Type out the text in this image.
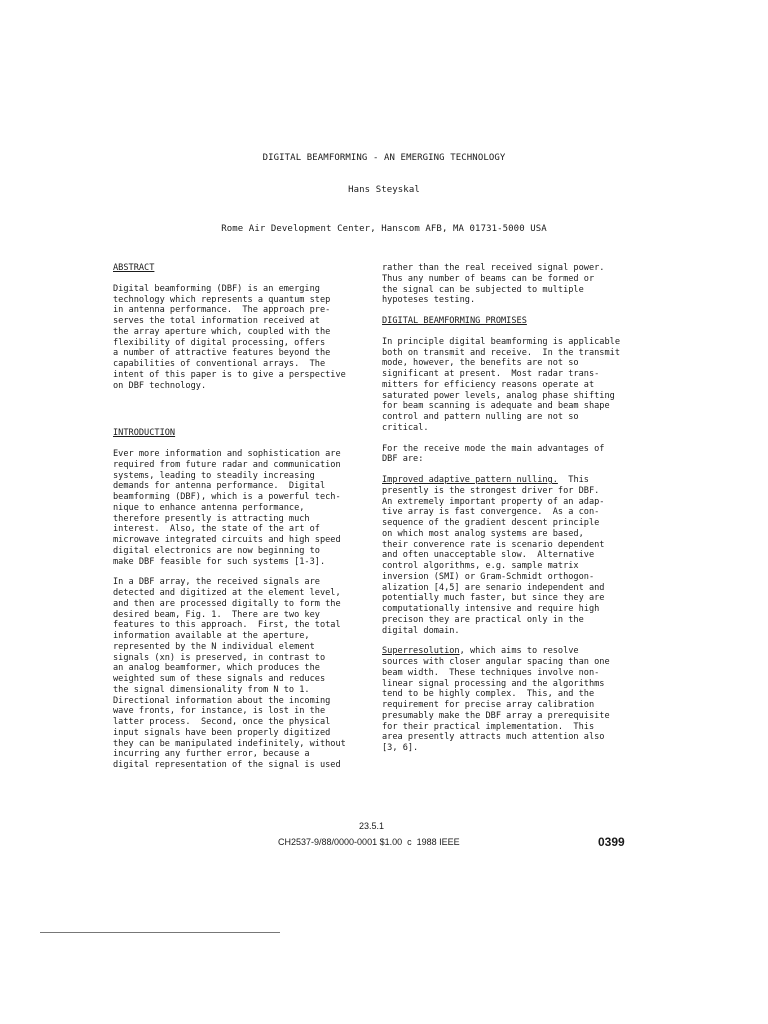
DIGITAL BEAMFORMING - AN EMERGING TECHNOLOGY
Hans Steyskal
Rome Air Development Center, Hanscom AFB, MA 01731-5000 USA
ABSTRACT
Digital beamforming (DBF) is an emerging
technology which represents a quantum step
in antenna performance.  The approach pre-
serves the total information received at
the array aperture which, coupled with the
flexibility of digital processing, offers
a number of attractive features beyond the
capabilities of conventional arrays.  The
intent of this paper is to give a perspective
on DBF technology.
INTRODUCTION
Ever more information and sophistication are
required from future radar and communication
systems, leading to steadily increasing
demands for antenna performance.  Digital
beamforming (DBF), which is a powerful tech-
nique to enhance antenna performance,
therefore presently is attracting much
interest.  Also, the state of the art of
microwave integrated circuits and high speed
digital electronics are now beginning to
make DBF feasible for such systems [1-3].
In a DBF array, the received signals are
detected and digitized at the element level,
and then are processed digitally to form the
desired beam, Fig. 1.  There are two key
features to this approach.  First, the total
information available at the aperture,
represented by the N individual element
signals (xn) is preserved, in contrast to
an analog beamformer, which produces the
weighted sum of these signals and reduces
the signal dimensionality from N to 1.
Directional information about the incoming
wave fronts, for instance, is lost in the
latter process.  Second, once the physical
input signals have been properly digitized
they can be manipulated indefinitely, without
incurring any further error, because a
digital representation of the signal is used
rather than the real received signal power.
Thus any number of beams can be formed or
the signal can be subjected to multiple
hypoteses testing.
DIGITAL BEAMFORMING PROMISES
In principle digital beamforming is applicable
both on transmit and receive.  In the transmit
mode, however, the benefits are not so
significant at present.  Most radar trans-
mitters for efficiency reasons operate at
saturated power levels, analog phase shifting
for beam scanning is adequate and beam shape
control and pattern nulling are not so
critical.
For the receive mode the main advantages of
DBF are:
Improved adaptive pattern nulling.  This
presently is the strongest driver for DBF.
An extremely important property of an adap-
tive array is fast convergence.  As a con-
sequence of the gradient descent principle
on which most analog systems are based,
their converence rate is scenario dependent
and often unacceptable slow.  Alternative
control algorithms, e.g. sample matrix
inversion (SMI) or Gram-Schmidt orthogon-
alization [4,5] are senario independent and
potentially much faster, but since they are
computationally intensive and require high
precison they are practical only in the
digital domain.
Superresolution, which aims to resolve
sources with closer angular spacing than one
beam width.  These techniques involve non-
linear signal processing and the algorithms
tend to be highly complex.  This, and the
requirement for precise array calibration
presumably make the DBF array a prerequisite
for their practical implementation.  This
area presently attracts much attention also
[3, 6].
23.5.1
CH2537-9/88/0000-0001 $1.00  c  1988 IEEE	0399
